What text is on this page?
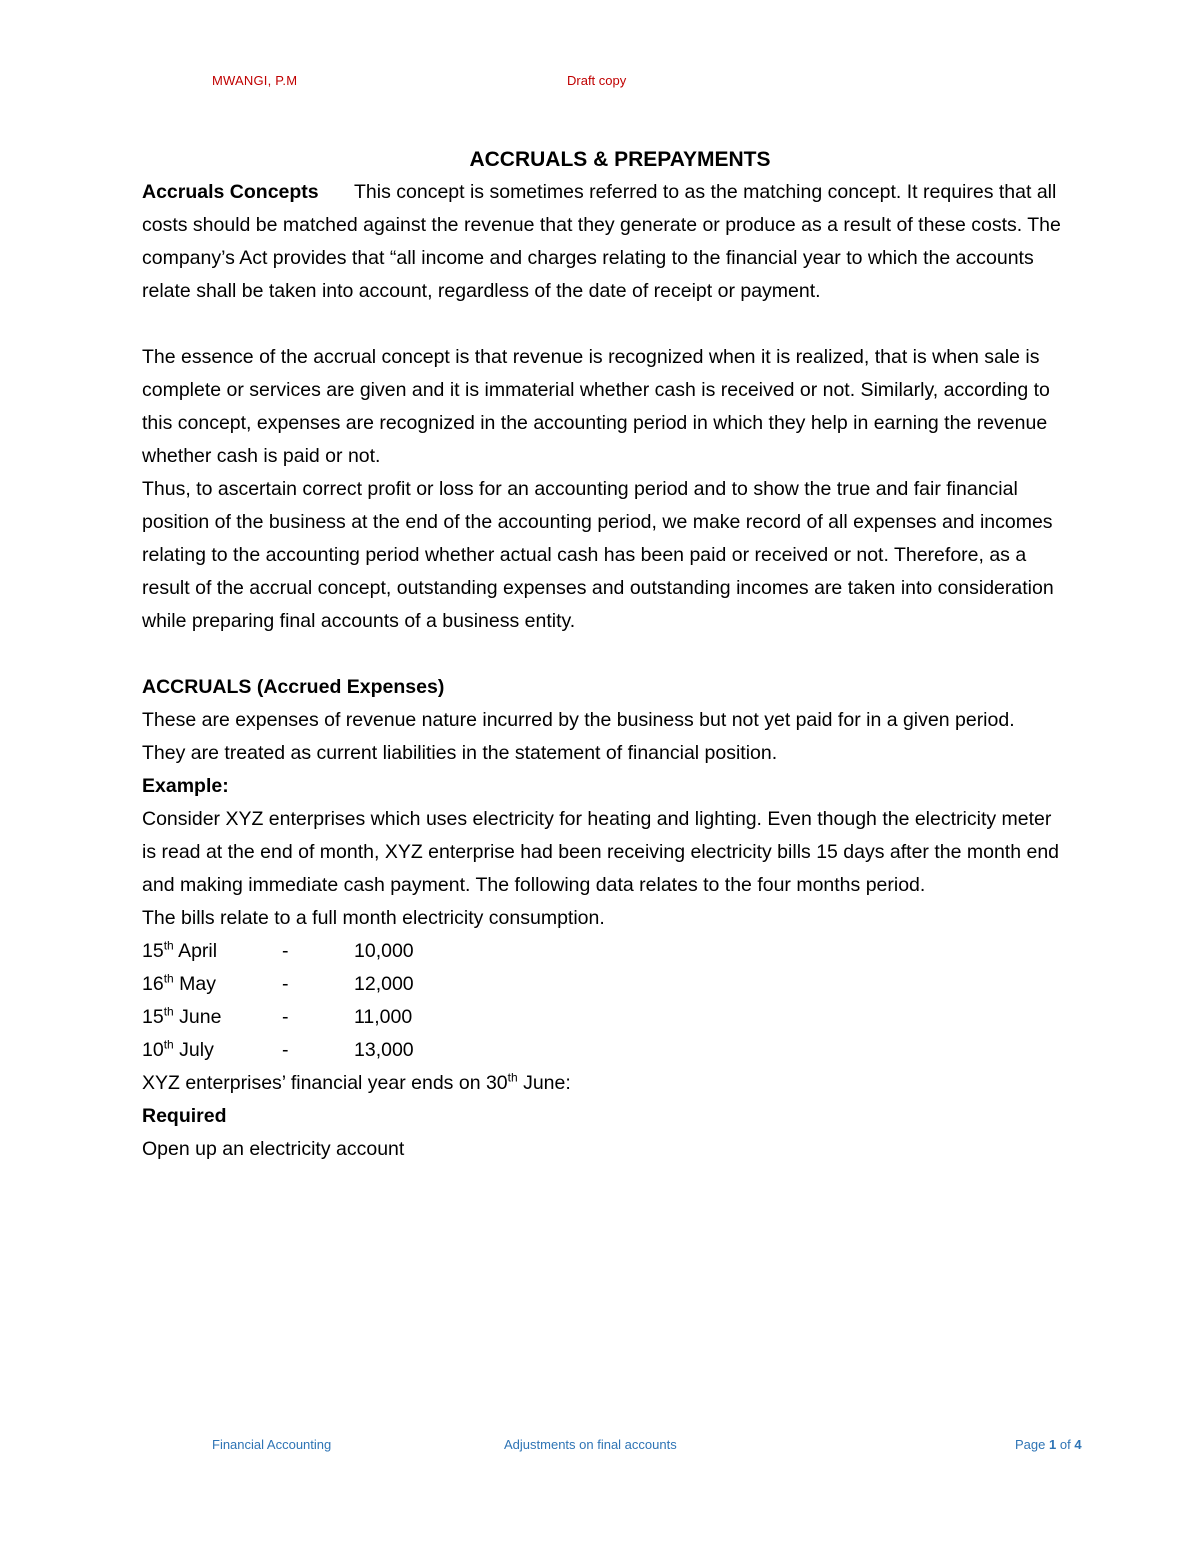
MWANGI, P.M	Draft copy
ACCRUALS & PREPAYMENTS

Accruals Concepts This concept is sometimes referred to as the matching concept. It requires that all costs should be matched against the revenue that they generate or produce as a result of these costs. The company’s Act provides that “all income and charges relating to the financial year to which the accounts relate shall be taken into account, regardless of the date of receipt or payment.

The essence of the accrual concept is that revenue is recognized when it is realized, that is when sale is complete or services are given and it is immaterial whether cash is received or not. Similarly, according to this concept, expenses are recognized in the accounting period in which they help in earning the revenue whether cash is paid or not.

Thus, to ascertain correct profit or loss for an accounting period and to show the true and fair financial position of the business at the end of the accounting period, we make record of all expenses and incomes relating to the accounting period whether actual cash has been paid or received or not. Therefore, as a result of the accrual concept, outstanding expenses and outstanding incomes are taken into consideration while preparing final accounts of a business entity.

ACCRUALS (Accrued Expenses)

These are expenses of revenue nature incurred by the business but not yet paid for in a given period.

They are treated as current liabilities in the statement of financial position.

Example:

Consider XYZ enterprises which uses electricity for heating and lighting. Even though the electricity meter is read at the end of month, XYZ enterprise had been receiving electricity bills 15 days after the month end and making immediate cash payment. The following data relates to the four months period.

The bills relate to a full month electricity consumption.

15th April	-	10,000
16th May	-	12,000
15th June	-	11,000
10th July	-	13,000

XYZ enterprises’ financial year ends on 30th June:

Required

Open up an electricity account

Financial Accounting	Adjustments on final accounts	Page 1 of 4
